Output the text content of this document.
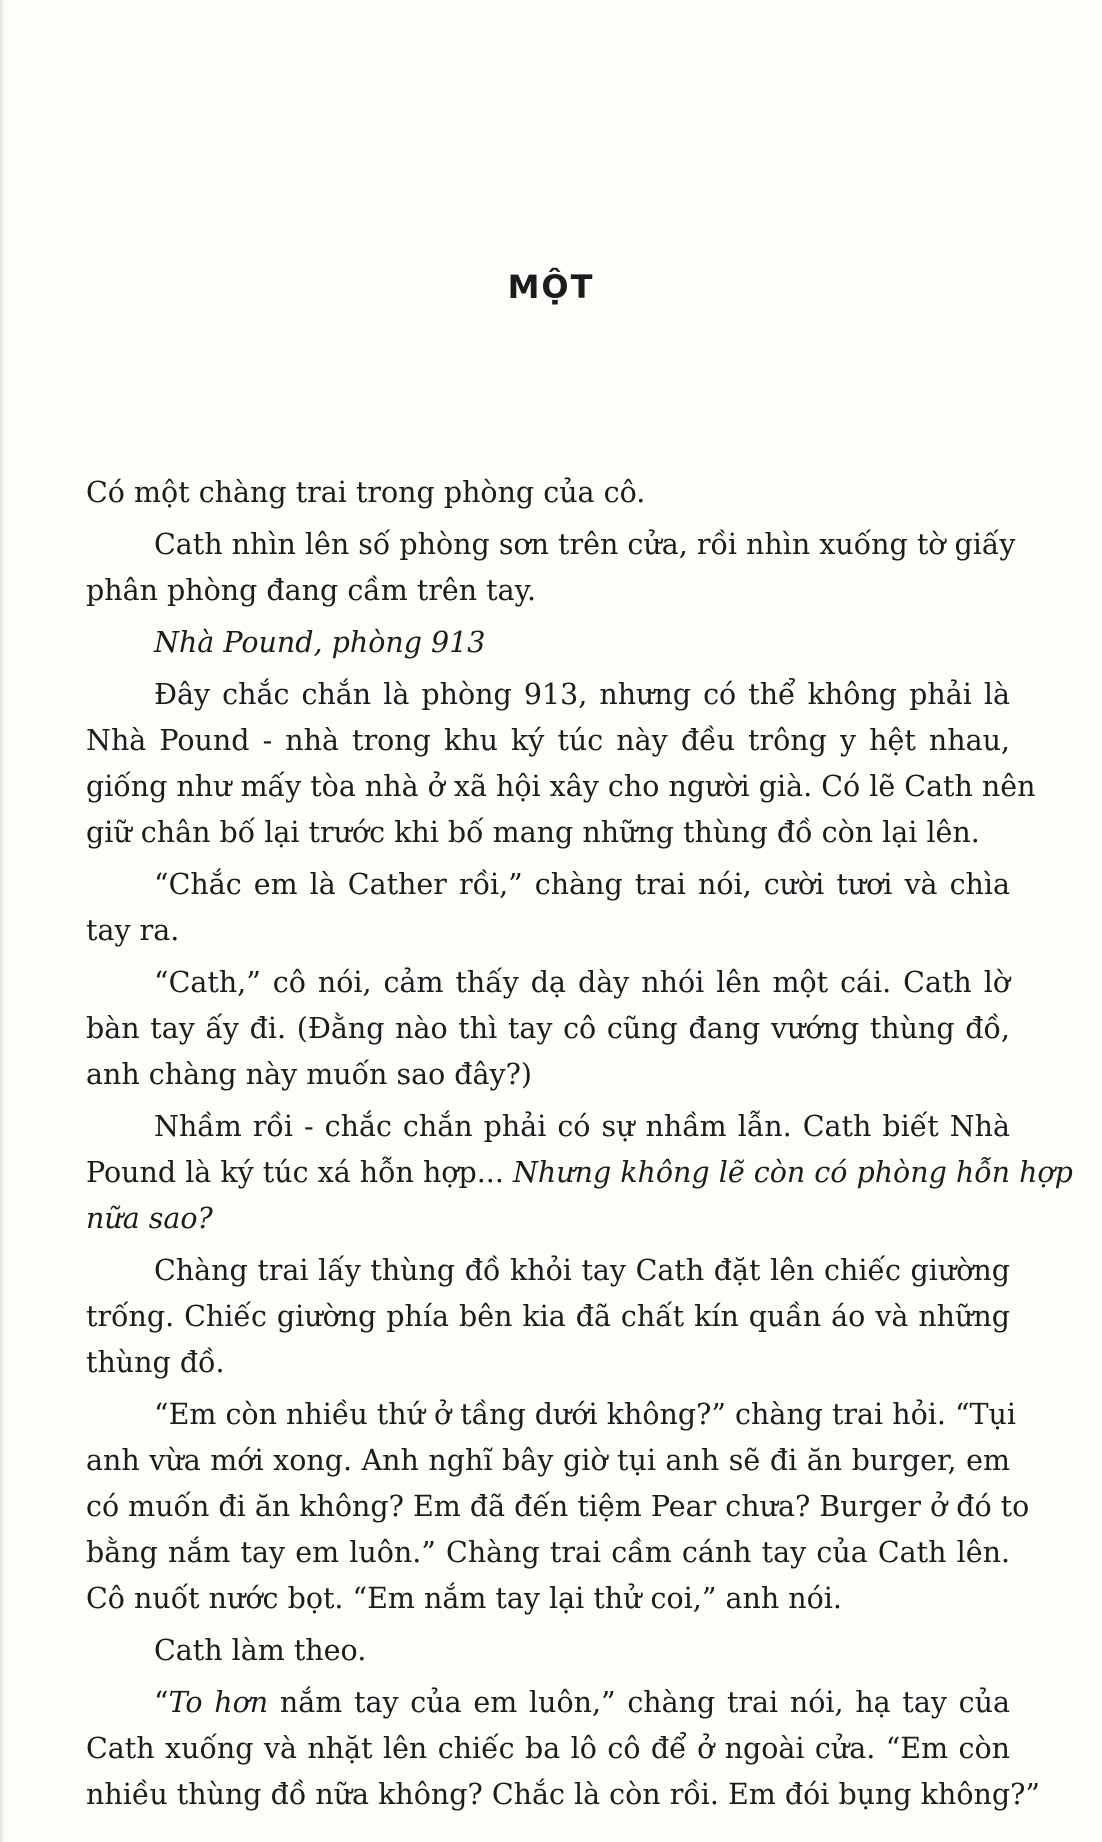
MỘT
Có một chàng trai trong phòng của cô.
Cath nhìn lên số phòng sơn trên cửa, rồi nhìn xuống tờ giấy
phân phòng đang cầm trên tay.
Nhà Pound, phòng 913
Đây chắc chắn là phòng 913, nhưng có thể không phải là
Nhà Pound - nhà trong khu ký túc này đều trông y hệt nhau,
giống như mấy tòa nhà ở xã hội xây cho người già. Có lẽ Cath nên
giữ chân bố lại trước khi bố mang những thùng đồ còn lại lên.
“Chắc em là Cather rồi,” chàng trai nói, cười tươi và chìa
tay ra.
“Cath,” cô nói, cảm thấy dạ dày nhói lên một cái. Cath lờ
bàn tay ấy đi. (Đằng nào thì tay cô cũng đang vướng thùng đồ,
anh chàng này muốn sao đây?)
Nhầm rồi - chắc chắn phải có sự nhầm lẫn. Cath biết Nhà
Pound là ký túc xá hỗn hợp... Nhưng không lẽ còn có phòng hỗn hợp
nữa sao?
Chàng trai lấy thùng đồ khỏi tay Cath đặt lên chiếc giường
trống. Chiếc giường phía bên kia đã chất kín quần áo và những
thùng đồ.
“Em còn nhiều thứ ở tầng dưới không?” chàng trai hỏi. “Tụi
anh vừa mới xong. Anh nghĩ bây giờ tụi anh sẽ đi ăn burger, em
có muốn đi ăn không? Em đã đến tiệm Pear chưa? Burger ở đó to
bằng nắm tay em luôn.” Chàng trai cầm cánh tay của Cath lên.
Cô nuốt nước bọt. “Em nắm tay lại thử coi,” anh nói.
Cath làm theo.
“To hơn nắm tay của em luôn,” chàng trai nói, hạ tay của
Cath xuống và nhặt lên chiếc ba lô cô để ở ngoài cửa. “Em còn
nhiều thùng đồ nữa không? Chắc là còn rồi. Em đói bụng không?”
